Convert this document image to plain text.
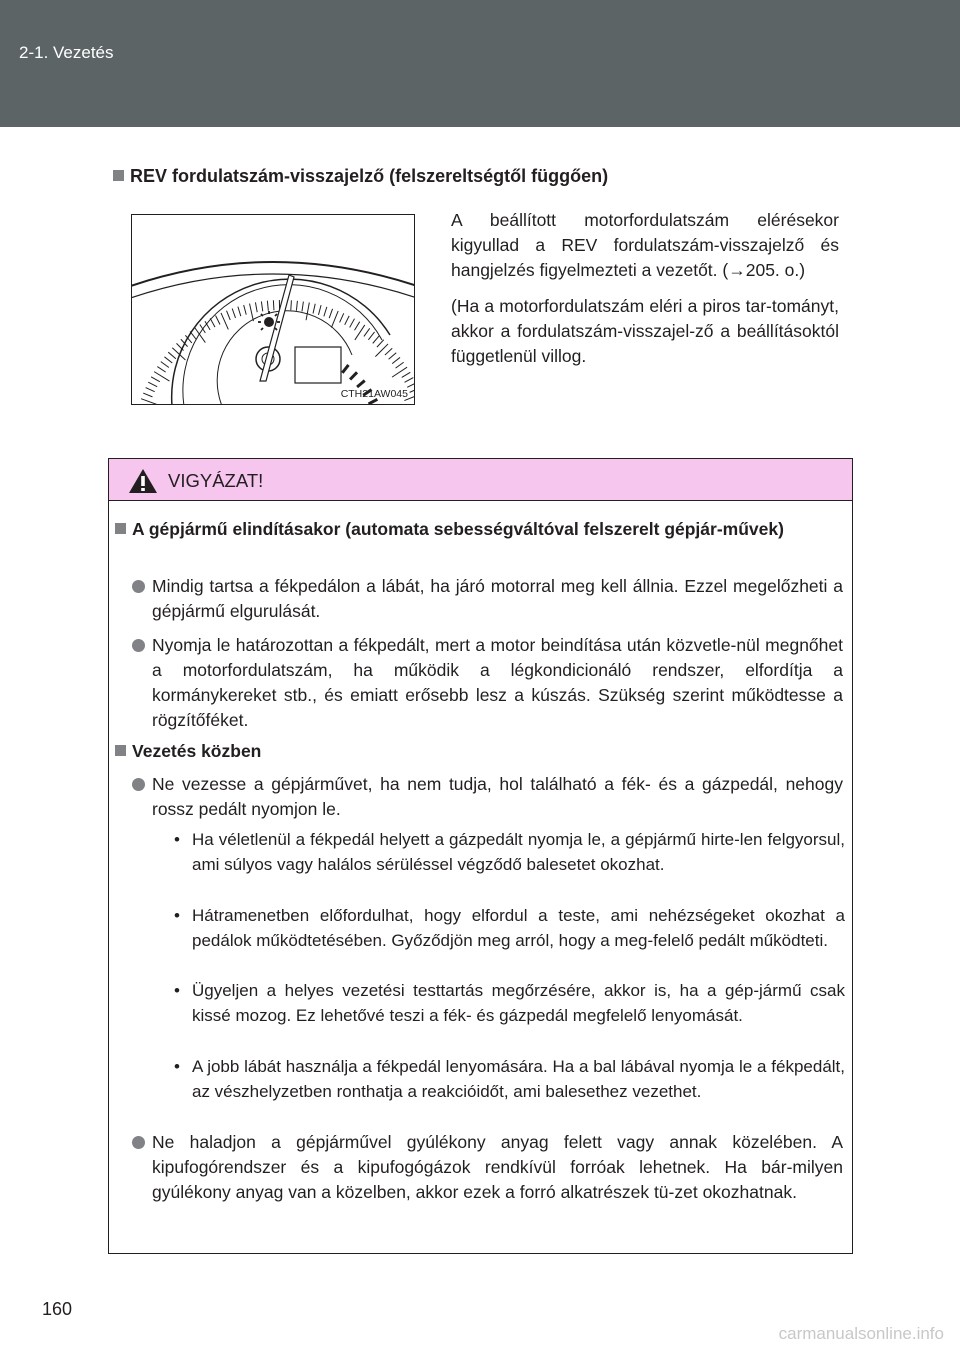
2-1. Vezetés
REV fordulatszám-visszajelző (felszereltségtől függően)
CTH21AW045

A beállított motorfordulatszám elérésekor kigyullad a REV fordulatszám-visszajelző és hangjelzés figyelmezteti a vezetőt. (→205. o.)

(Ha a motorfordulatszám eléri a piros tar-tományt, akkor a fordulatszám-visszajel-ző a beállításoktól függetlenül villog.

VIGYÁZAT!
A gépjármű elindításakor (automata sebességváltóval felszerelt gépjár-művek)
Mindig tartsa a fékpedálon a lábát, ha járó motorral meg kell állnia. Ezzel megelőzheti a gépjármű elgurulását.
Nyomja le határozottan a fékpedált, mert a motor beindítása után közvetle-nül megnőhet a motorfordulatszám, ha működik a légkondicionáló rendszer, elfordítja a kormánykereket stb., és emiatt erősebb lesz a kúszás. Szükség szerint működtesse a rögzítőféket.
Vezetés közben
Ne vezesse a gépjárművet, ha nem tudja, hol található a fék- és a gázpedál, nehogy rossz pedált nyomjon le.
• Ha véletlenül a fékpedál helyett a gázpedált nyomja le, a gépjármű hirte-len felgyorsul, ami súlyos vagy halálos sérüléssel végződő balesetet okozhat.
• Hátramenetben előfordulhat, hogy elfordul a teste, ami nehézségeket okozhat a pedálok működtetésében. Győződjön meg arról, hogy a meg-felelő pedált működteti.
• Ügyeljen a helyes vezetési testtartás megőrzésére, akkor is, ha a gép-jármű csak kissé mozog. Ez lehetővé teszi a fék- és gázpedál megfelelő lenyomását.
• A jobb lábát használja a fékpedál lenyomására. Ha a bal lábával nyomja le a fékpedált, az vészhelyzetben ronthatja a reakcióidőt, ami balesethez vezethet.
Ne haladjon a gépjárművel gyúlékony anyag felett vagy annak közelében. A kipufogórendszer és a kipufogógázok rendkívül forróak lehetnek. Ha bár-milyen gyúlékony anyag van a közelben, akkor ezek a forró alkatrészek tü-zet okozhatnak.
160
carmanualsonline.info
